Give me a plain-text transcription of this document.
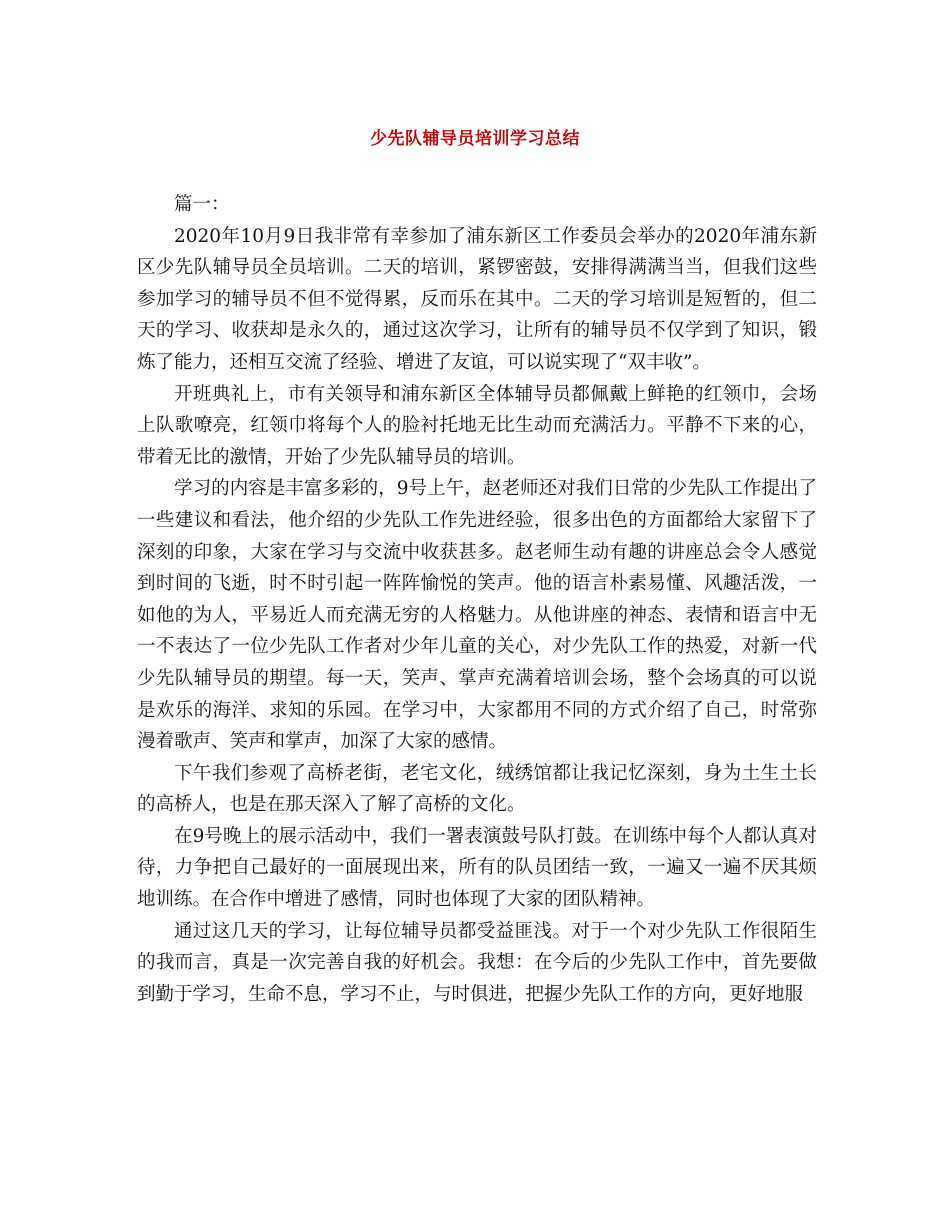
少先队辅导员培训学习总结

篇一：

2020年10月9日我非常有幸参加了浦东新区工作委员会举办的2020年浦东新区少先队辅导员全员培训。二天的培训，紧锣密鼓，安排得满满当当，但我们这些参加学习的辅导员不但不觉得累，反而乐在其中。二天的学习培训是短暂的，但二天的学习、收获却是永久的，通过这次学习，让所有的辅导员不仅学到了知识，锻炼了能力，还相互交流了经验、增进了友谊，可以说实现了“双丰收”。

开班典礼上，市有关领导和浦东新区全体辅导员都佩戴上鲜艳的红领巾，会场上队歌嘹亮，红领巾将每个人的脸衬托地无比生动而充满活力。平静不下来的心，带着无比的激情，开始了少先队辅导员的培训。

学习的内容是丰富多彩的，9号上午，赵老师还对我们日常的少先队工作提出了一些建议和看法，他介绍的少先队工作先进经验，很多出色的方面都给大家留下了深刻的印象，大家在学习与交流中收获甚多。赵老师生动有趣的讲座总会令人感觉到时间的飞逝，时不时引起一阵阵愉悦的笑声。他的语言朴素易懂、风趣活泼，一如他的为人，平易近人而充满无穷的人格魅力。从他讲座的神态、表情和语言中无一不表达了一位少先队工作者对少年儿童的关心，对少先队工作的热爱，对新一代少先队辅导员的期望。每一天，笑声、掌声充满着培训会场，整个会场真的可以说是欢乐的海洋、求知的乐园。在学习中，大家都用不同的方式介绍了自己，时常弥漫着歌声、笑声和掌声，加深了大家的感情。

下午我们参观了高桥老街，老宅文化，绒绣馆都让我记忆深刻，身为土生土长的高桥人，也是在那天深入了解了高桥的文化。

在9号晚上的展示活动中，我们一署表演鼓号队打鼓。在训练中每个人都认真对待，力争把自己最好的一面展现出来，所有的队员团结一致，一遍又一遍不厌其烦地训练。在合作中增进了感情，同时也体现了大家的团队精神。

通过这几天的学习，让每位辅导员都受益匪浅。对于一个对少先队工作很陌生的我而言，真是一次完善自我的好机会。我想：在今后的少先队工作中，首先要做到勤于学习，生命不息，学习不止，与时俱进，把握少先队工作的方向，更好地服
